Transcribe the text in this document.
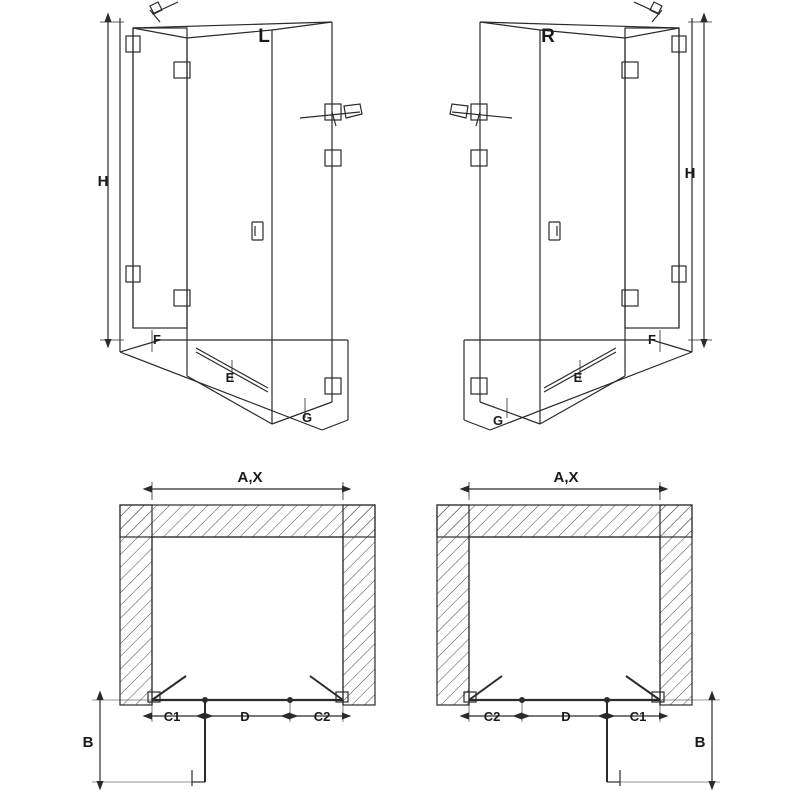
L	R
H	H
F
E
G
F
E
G
A,X	A,X
B	B
C1	D	C2	C2	D	C1
